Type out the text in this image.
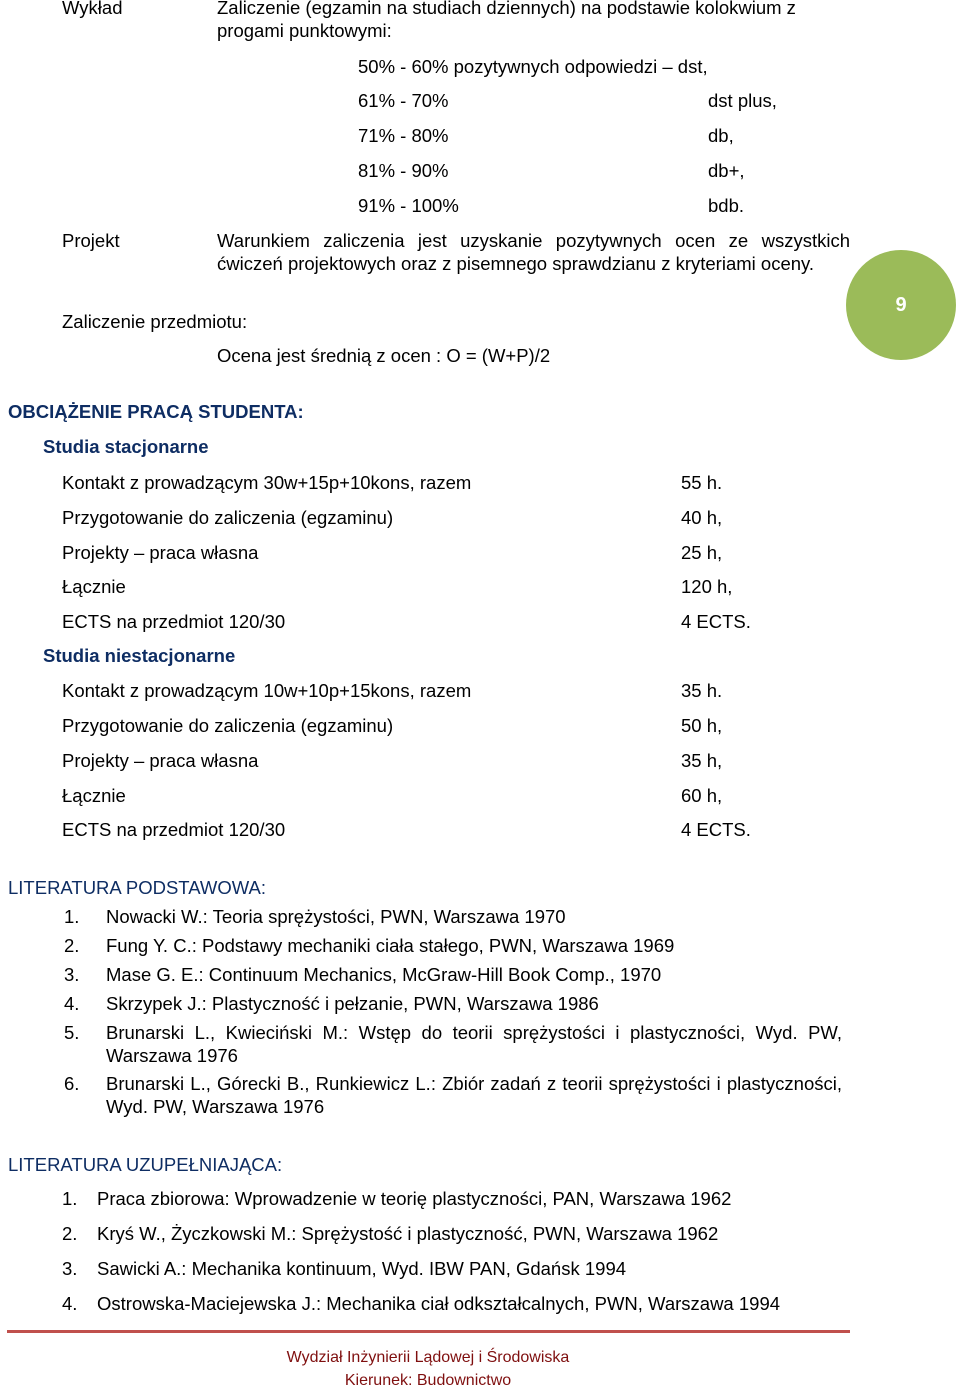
Wykład	Zaliczenie (egzamin na studiach dziennych) na podstawie kolokwium z progami punktowymi:
50% - 60% pozytywnych odpowiedzi – dst,
61% - 70%	dst plus,
71% - 80%	db,
81% - 90%	db+,
91% - 100%	bdb.
Projekt	Warunkiem zaliczenia jest uzyskanie pozytywnych ocen ze wszystkich ćwiczeń projektowych oraz z pisemnego sprawdzianu z kryteriami oceny.
Zaliczenie przedmiotu:
Ocena jest średnią z ocen : O = (W+P)/2
9
OBCIĄŻENIE PRACĄ STUDENTA:
Studia stacjonarne
Kontakt z prowadzącym 30w+15p+10kons, razem	55 h.
Przygotowanie do zaliczenia (egzaminu)	40 h,
Projekty – praca własna	25 h,
Łącznie	120 h,
ECTS na przedmiot 120/30	4 ECTS.
Studia niestacjonarne
Kontakt z prowadzącym 10w+10p+15kons, razem	35 h.
Przygotowanie do zaliczenia (egzaminu)	50 h,
Projekty – praca własna	35 h,
Łącznie	60 h,
ECTS na przedmiot 120/30	4 ECTS.
LITERATURA PODSTAWOWA:
1. Nowacki W.: Teoria sprężystości, PWN, Warszawa 1970
2. Fung Y. C.: Podstawy mechaniki ciała stałego, PWN, Warszawa 1969
3. Mase G. E.: Continuum Mechanics, McGraw-Hill Book Comp., 1970
4. Skrzypek J.: Plastyczność i pełzanie, PWN, Warszawa 1986
5. Brunarski L., Kwieciński M.: Wstęp do teorii sprężystości i plastyczności, Wyd. PW, Warszawa 1976
6. Brunarski L., Górecki B., Runkiewicz L.: Zbiór zadań z teorii sprężystości i plastyczności, Wyd. PW, Warszawa 1976
LITERATURA UZUPEŁNIAJĄCA:
1. Praca zbiorowa: Wprowadzenie w teorię plastyczności, PAN, Warszawa 1962
2. Kryś W., Życzkowski M.: Sprężystość i plastyczność, PWN, Warszawa 1962
3. Sawicki A.: Mechanika kontinuum, Wyd. IBW PAN, Gdańsk 1994
4. Ostrowska-Maciejewska J.: Mechanika ciał odkształcalnych, PWN, Warszawa 1994
Wydział Inżynierii Lądowej i Środowiska
Kierunek: Budownictwo
